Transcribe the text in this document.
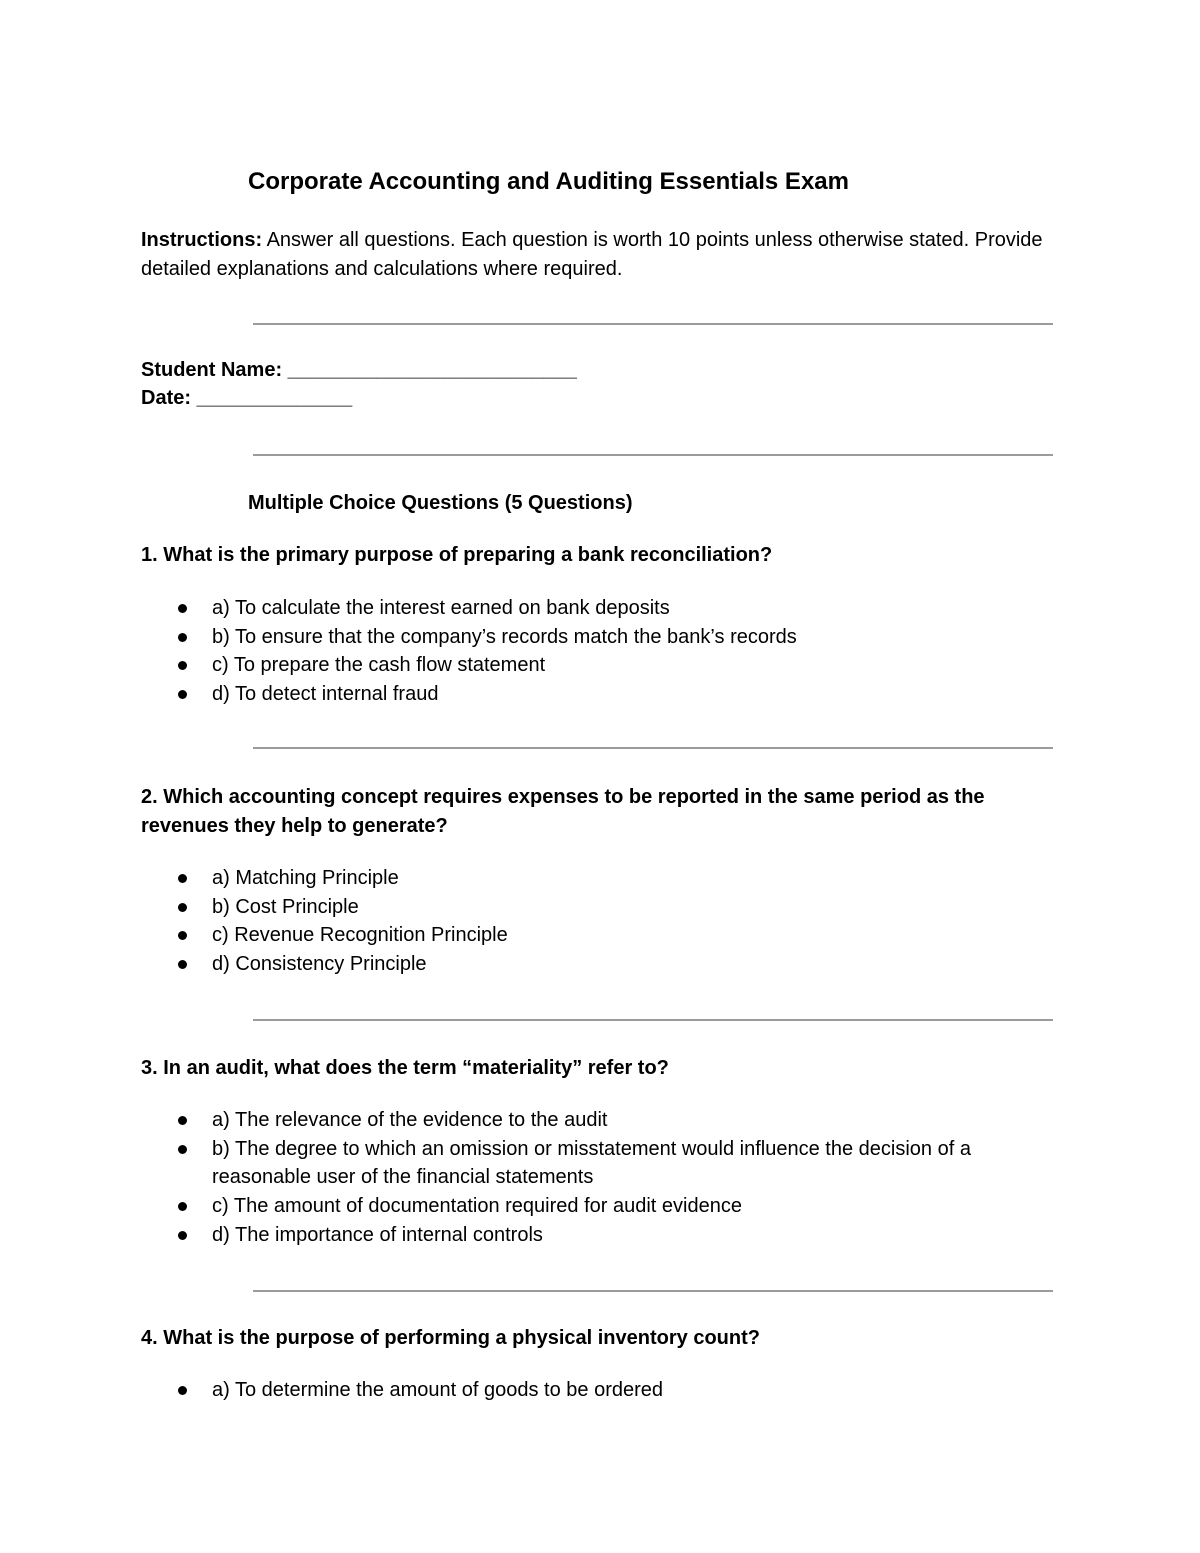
Corporate Accounting and Auditing Essentials Exam
Instructions: Answer all questions. Each question is worth 10 points unless otherwise stated. Provide detailed explanations and calculations where required.
Student Name: __________________________
Date: ______________
Multiple Choice Questions (5 Questions)
1. What is the primary purpose of preparing a bank reconciliation?
a) To calculate the interest earned on bank deposits
b) To ensure that the company’s records match the bank’s records
c) To prepare the cash flow statement
d) To detect internal fraud
2. Which accounting concept requires expenses to be reported in the same period as the revenues they help to generate?
a) Matching Principle
b) Cost Principle
c) Revenue Recognition Principle
d) Consistency Principle
3. In an audit, what does the term “materiality” refer to?
a) The relevance of the evidence to the audit
b) The degree to which an omission or misstatement would influence the decision of a reasonable user of the financial statements
c) The amount of documentation required for audit evidence
d) The importance of internal controls
4. What is the purpose of performing a physical inventory count?
a) To determine the amount of goods to be ordered
